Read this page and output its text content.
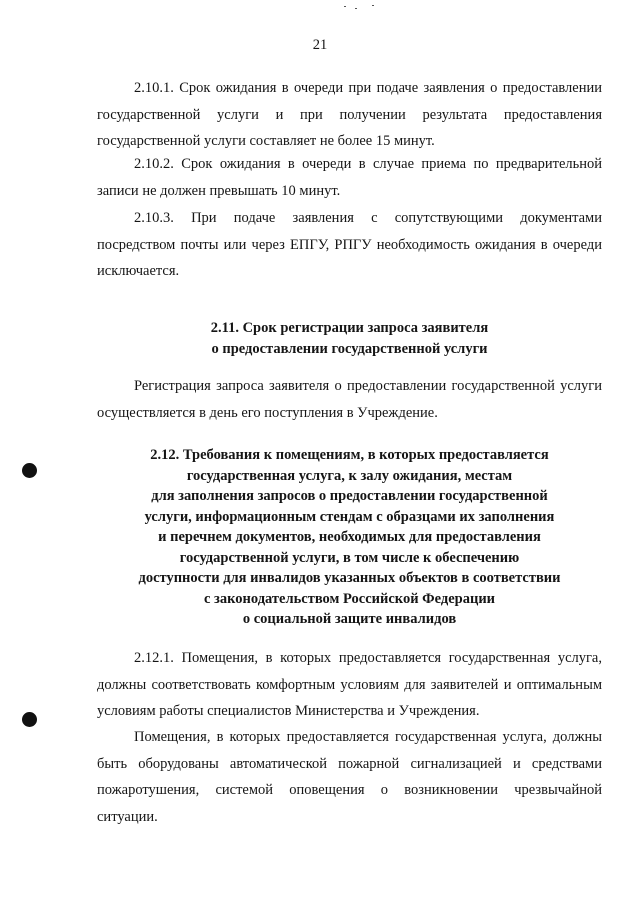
21

2.10.1. Срок ожидания в очереди при подаче заявления о предоставлении государственной услуги и при получении результата предоставления государственной услуги составляет не более 15 минут.

2.10.2. Срок ожидания в очереди в случае приема по предварительной записи не должен превышать 10 минут.

2.10.3. При подаче заявления с сопутствующими документами посредством почты или через ЕПГУ, РПГУ необходимость ожидания в очереди исключается.

2.11. Срок регистрации запроса заявителя
о предоставлении государственной услуги

Регистрация запроса заявителя о предоставлении государственной услуги осуществляется в день его поступления в Учреждение.

2.12. Требования к помещениям, в которых предоставляется
государственная услуга, к залу ожидания, местам
для заполнения запросов о предоставлении государственной
услуги, информационным стендам с образцами их заполнения
и перечнем документов, необходимых для предоставления
государственной услуги, в том числе к обеспечению
доступности для инвалидов указанных объектов в соответствии
с законодательством Российской Федерации
о социальной защите инвалидов

2.12.1. Помещения, в которых предоставляется государственная услуга, должны соответствовать комфортным условиям для заявителей и оптимальным условиям работы специалистов Министерства и Учреждения.

Помещения, в которых предоставляется государственная услуга, должны быть оборудованы автоматической пожарной сигнализацией и средствами пожаротушения, системой оповещения о возникновении чрезвычайной ситуации.
